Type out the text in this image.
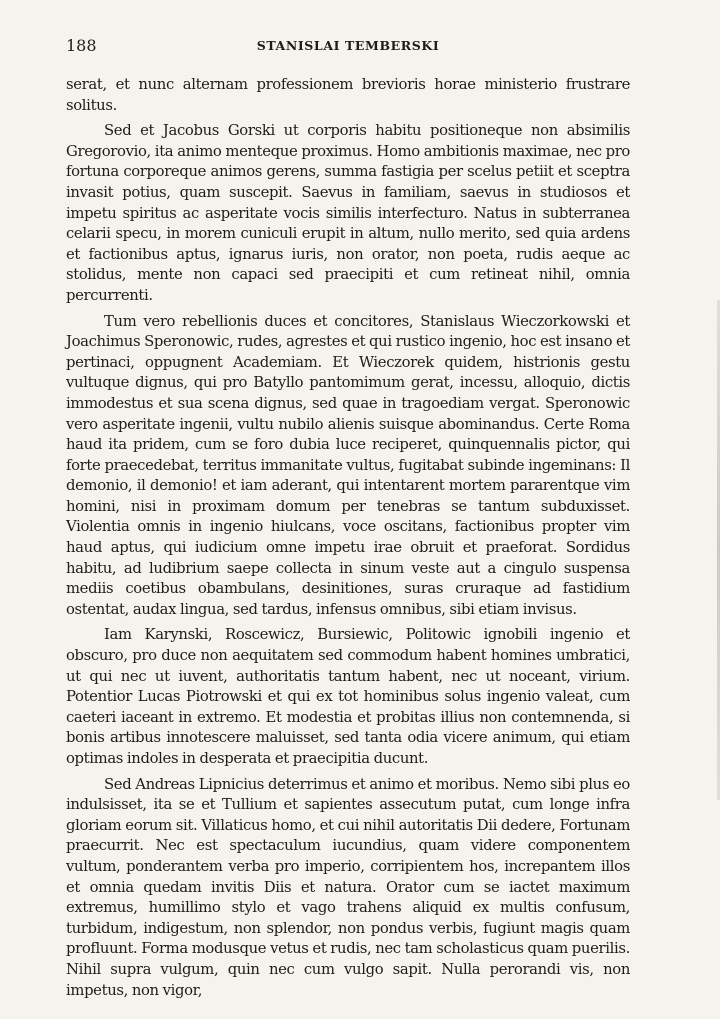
188	STANISLAI TEMBERSKI

serat, et nunc alternam professionem brevioris horae ministerio frustrare solitus.

Sed et Jacobus Gorski ut corporis habitu positioneque non absimilis Gregorovio, ita animo menteque proximus. Homo ambitionis maximae, nec pro fortuna corporeque animos gerens, summa fastigia per scelus petiit et sceptra invasit potius, quam suscepit. Saevus in familiam, saevus in studiosos et impetu spiritus ac asperitate vocis similis interfecturo. Natus in subterranea celarii specu, in morem cuniculi erupit in altum, nullo merito, sed quia ardens et factionibus aptus, ignarus iuris, non orator, non poeta, rudis aeque ac stolidus, mente non capaci sed praecipiti et cum retineat nihil, omnia percurrenti.

Tum vero rebellionis duces et concitores, Stanislaus Wieczorkowski et Joachimus Speronowic, rudes, agrestes et qui rustico ingenio, hoc est insano et pertinaci, oppugnent Academiam. Et Wieczorek quidem, histrionis gestu vultuque dignus, qui pro Batyllo pantomimum gerat, incessu, alloquio, dictis immodestus et sua scena dignus, sed quae in tragoediam vergat. Speronowic vero asperitate ingenii, vultu nubilo alienis suisque abominandus. Certe Roma haud ita pridem, cum se foro dubia luce reciperet, quinquennalis pictor, qui forte praecedebat, territus immanitate vultus, fugitabat subinde ingeminans: Il demonio, il demonio! et iam aderant, qui intentarent mortem pararentque vim homini, nisi in proximam domum per tenebras se tantum subduxisset. Violentia omnis in ingenio hiulcans, voce oscitans, factionibus propter vim haud aptus, qui iudicium omne impetu irae obruit et praeforat. Sordidus habitu, ad ludibrium saepe collecta in sinum veste aut a cingulo suspensa mediis coetibus obambulans, desinitiones, suras cruraque ad fastidium ostentat, audax lingua, sed tardus, infensus omnibus, sibi etiam invisus.

Iam Karynski, Roscewicz, Bursiewic, Politowic ignobili ingenio et obscuro, pro duce non aequitatem sed commodum habent homines umbratici, ut qui nec ut iuvent, authoritatis tantum habent, nec ut noceant, virium. Potentior Lucas Piotrowski et qui ex tot hominibus solus ingenio valeat, cum caeteri iaceant in extremo. Et modestia et probitas illius non contemnenda, si bonis artibus innotescere maluisset, sed tanta odia vicere animum, qui etiam optimas indoles in desperata et praecipitia ducunt.

Sed Andreas Lipnicius deterrimus et animo et moribus. Nemo sibi plus eo indulsisset, ita se et Tullium et sapientes assecutum putat, cum longe infra gloriam eorum sit. Villaticus homo, et cui nihil autoritatis Dii dedere, Fortunam praecurrit. Nec est spectaculum iucundius, quam videre componentem vultum, ponderantem verba pro imperio, corripientem hos, increpantem illos et omnia quedam invitis Diis et natura. Orator cum se iactet maximum extremus, humillimo stylo et vago trahens aliquid ex multis confusum, turbidum, indigestum, non splendor, non pondus verbis, fugiunt magis quam profluunt. Forma modusque vetus et rudis, nec tam scholasticus quam puerilis. Nihil supra vulgum, quin nec cum vulgo sapit. Nulla perorandi vis, non impetus, non vigor,
